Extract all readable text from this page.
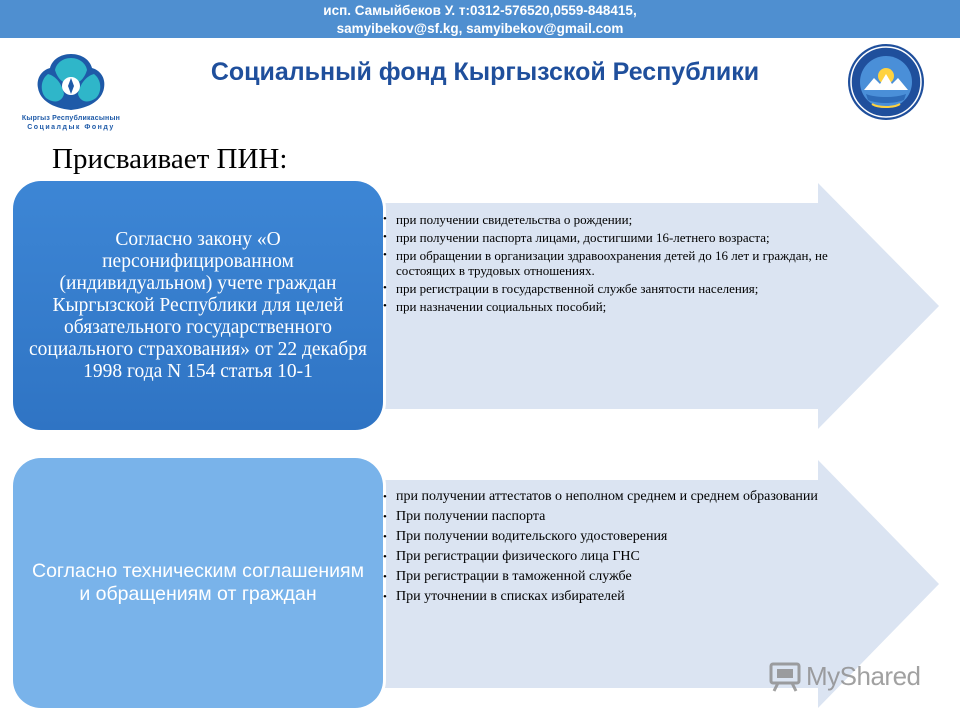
исп. Самыйбеков У. т:0312-576520,0559-848415,
samyibekov@sf.kg, samyibekov@gmail.com
Кыргыз Республикасынын
Социалдык Фонду
Социальный фонд Кыргызской Республики
Присваивает ПИН:
Согласно закону «О персонифицированном (индивидуальном) учете граждан Кыргызской Республики для целей обязательного государственного социального страхования» от 22 декабря 1998 года N 154 статья 10-1
• при получении свидетельства о рождении;
• при получении паспорта лицами, достигшими 16-летнего возраста;
• при обращении в организации здравоохранения детей до 16 лет и граждан, не состоящих в трудовых отношениях.
• при регистрации в государственной службе занятости населения;
• при назначении социальных пособий;
Согласно техническим соглашениям и обращениям от граждан
• при получении аттестатов о неполном среднем и среднем образовании
• При получении паспорта
• При получении водительского удостоверения
• При регистрации физического лица ГНС
• При регистрации в таможенной службе
• При уточнении в списках избирателей
MyShared
